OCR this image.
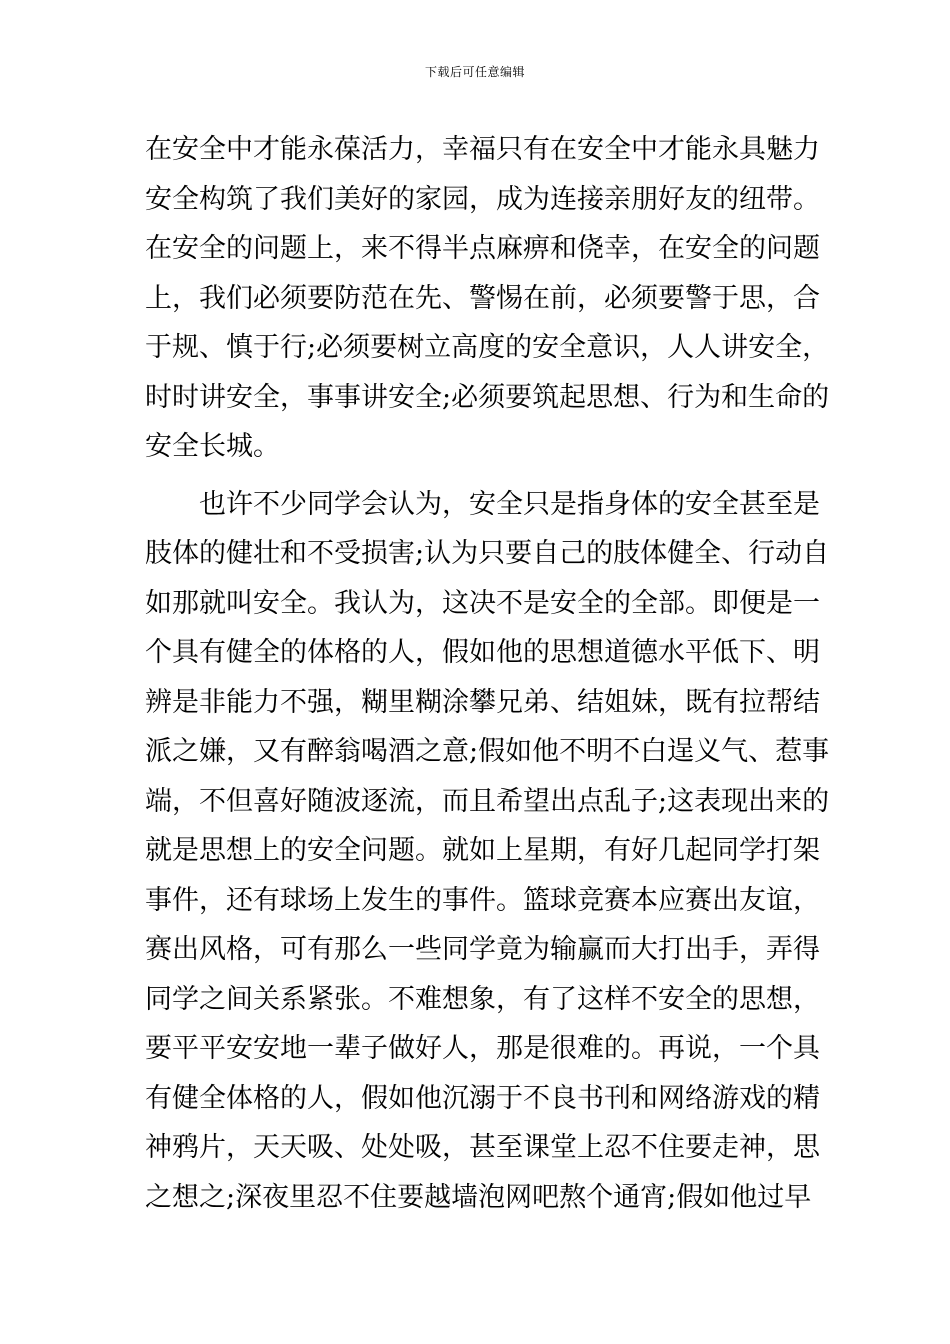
下载后可任意编辑
在安全中才能永葆活力，幸福只有在安全中才能永具魅力
安全构筑了我们美好的家园，成为连接亲朋好友的纽带。
在安全的问题上，来不得半点麻痹和侥幸，在安全的问题
上，我们必须要防范在先、警惕在前，必须要警于思，合
于规、慎于行;必须要树立高度的安全意识，人人讲安全，
时时讲安全，事事讲安全;必须要筑起思想、行为和生命的
安全长城。
也许不少同学会认为，安全只是指身体的安全甚至是
肢体的健壮和不受损害;认为只要自己的肢体健全、行动自
如那就叫安全。我认为，这决不是安全的全部。即便是一
个具有健全的体格的人，假如他的思想道德水平低下、明
辨是非能力不强，糊里糊涂攀兄弟、结姐妹，既有拉帮结
派之嫌，又有醉翁喝酒之意;假如他不明不白逞义气、惹事
端，不但喜好随波逐流，而且希望出点乱子;这表现出来的
就是思想上的安全问题。就如上星期，有好几起同学打架
事件，还有球场上发生的事件。篮球竞赛本应赛出友谊，
赛出风格，可有那么一些同学竟为输赢而大打出手，弄得
同学之间关系紧张。不难想象，有了这样不安全的思想，
要平平安安地一辈子做好人，那是很难的。再说，一个具
有健全体格的人，假如他沉溺于不良书刊和网络游戏的精
神鸦片，天天吸、处处吸，甚至课堂上忍不住要走神，思
之想之;深夜里忍不住要越墙泡网吧熬个通宵;假如他过早
